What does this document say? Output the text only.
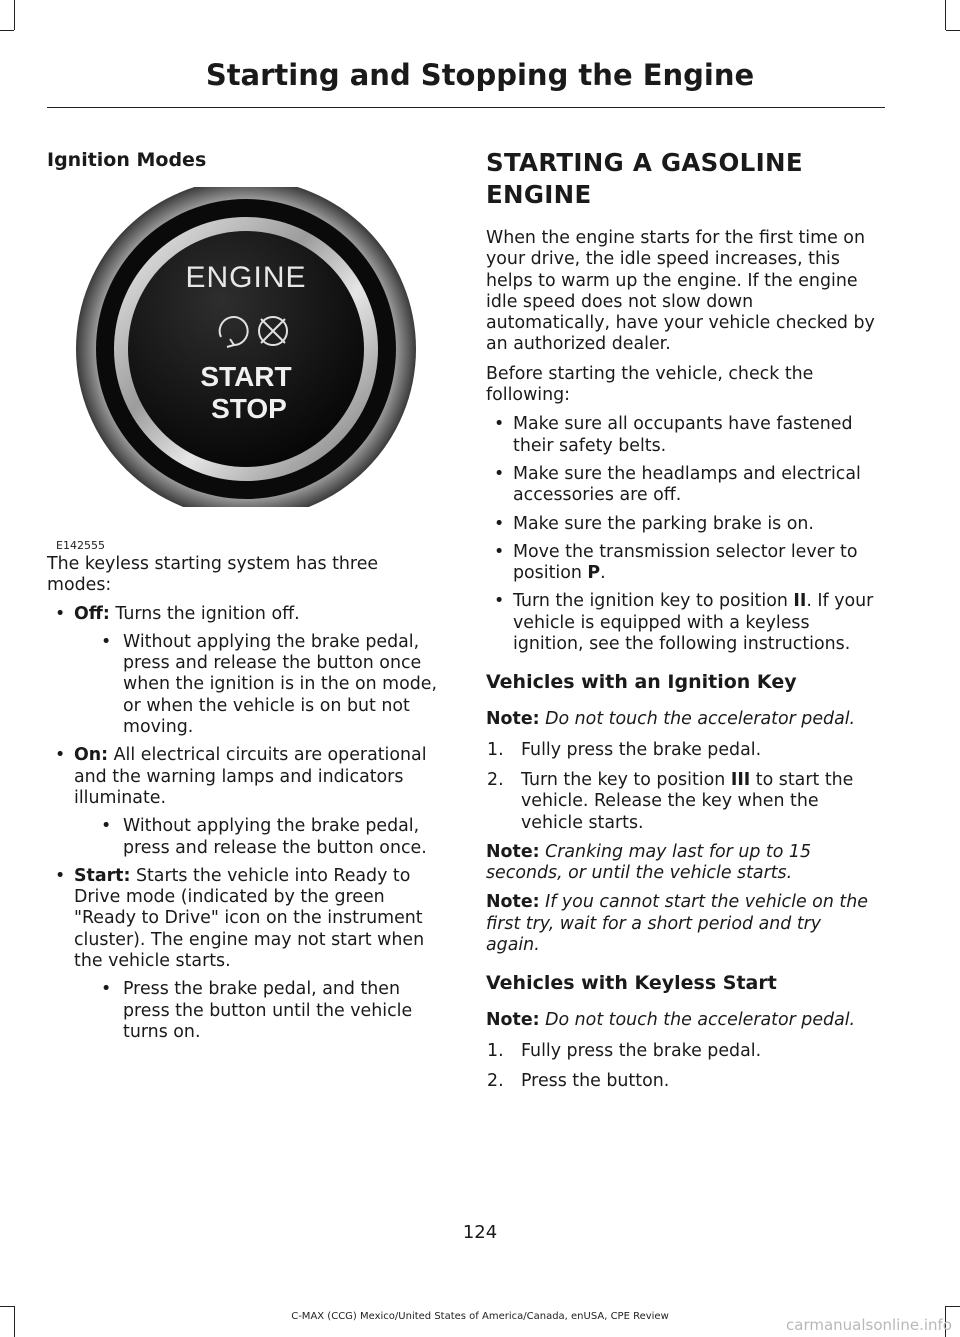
Starting and Stopping the Engine
Ignition Modes
ENGINE
START
STOP
E142555

The keyless starting system has three modes:

• Off: Turns the ignition off.
• Without applying the brake pedal, press and release the button once when the ignition is in the on mode, or when the vehicle is on but not moving.
• On: All electrical circuits are operational and the warning lamps and indicators illuminate.
• Without applying the brake pedal, press and release the button once.
• Start: Starts the vehicle into Ready to Drive mode (indicated by the green "Ready to Drive" icon on the instrument cluster). The engine may not start when the vehicle starts.
• Press the brake pedal, and then press the button until the vehicle turns on.
STARTING A GASOLINE
ENGINE

When the engine starts for the first time on your drive, the idle speed increases, this helps to warm up the engine. If the engine idle speed does not slow down automatically, have your vehicle checked by an authorized dealer.

Before starting the vehicle, check the following:

• Make sure all occupants have fastened their safety belts.
• Make sure the headlamps and electrical accessories are off.
• Make sure the parking brake is on.
• Move the transmission selector lever to position P.
• Turn the ignition key to position II. If your vehicle is equipped with a keyless ignition, see the following instructions.
Vehicles with an Ignition Key

Note: Do not touch the accelerator pedal.

1. Fully press the brake pedal.
2. Turn the key to position III to start the vehicle. Release the key when the vehicle starts.

Note: Cranking may last for up to 15 seconds, or until the vehicle starts.

Note: If you cannot start the vehicle on the first try, wait for a short period and try again.

Vehicles with Keyless Start

Note: Do not touch the accelerator pedal.

1. Fully press the brake pedal.
2. Press the button.
124
C-MAX (CCG) Mexico/United States of America/Canada, enUSA, CPE Review	carmanualsonline.info
